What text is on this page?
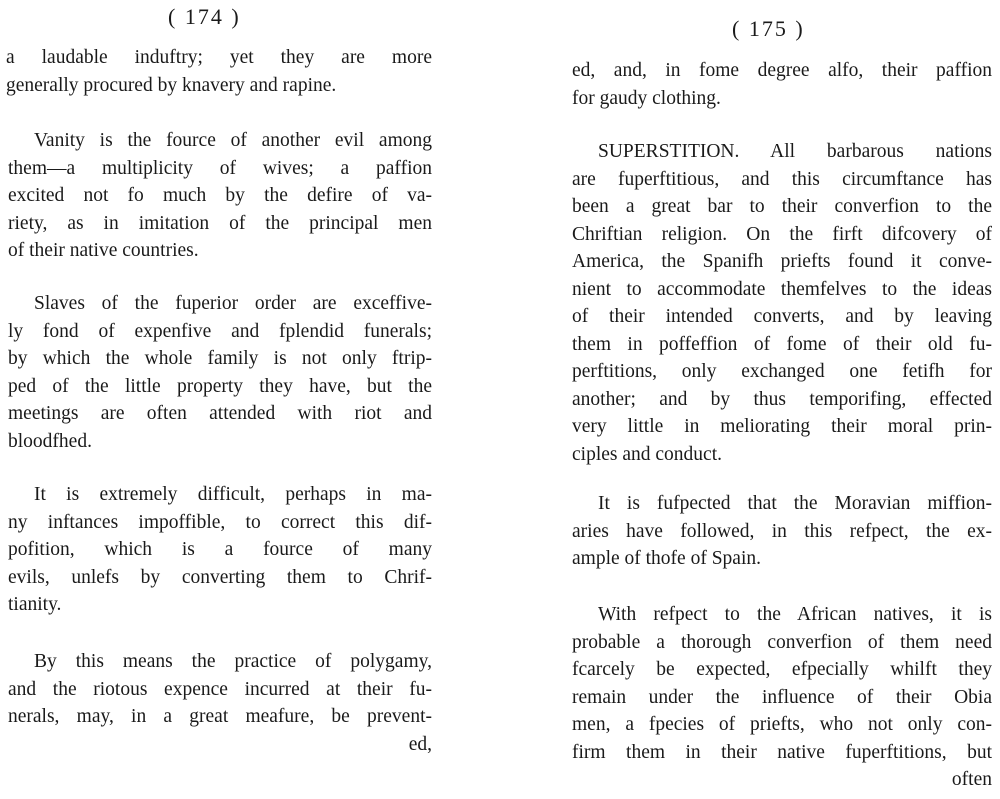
( 174 )
a laudable induftry; yet they are more
generally procured by knavery and rapine.
Vanity is the fource of another evil among
them—a multiplicity of wives; a paffion
excited not fo much by the defire of va-
riety, as in imitation of the principal men
of their native countries.
Slaves of the fuperior order are exceffive-
ly fond of expenfive and fplendid funerals;
by which the whole family is not only ftrip-
ped of the little property they have, but the
meetings are often attended with riot and
bloodfhed.
It is extremely difficult, perhaps in ma-
ny inftances impoffible, to correct this dif-
pofition, which is a fource of many
evils, unlefs by converting them to Chrif-
tianity.
By this means the practice of polygamy,
and the riotous expence incurred at their fu-
nerals, may, in a great meafure, be prevent-
ed,
( 175 )
ed, and, in fome degree alfo, their paffion
for gaudy clothing.
SUPERSTITION. All barbarous nations
are fuperftitious, and this circumftance has
been a great bar to their converfion to the
Chriftian religion. On the firft difcovery of
America, the Spanifh priefts found it conve-
nient to accommodate themfelves to the ideas
of their intended converts, and by leaving
them in poffeffion of fome of their old fu-
perftitions, only exchanged one fetifh for
another; and by thus temporifing, effected
very little in meliorating their moral prin-
ciples and conduct.
It is fufpected that the Moravian miffion-
aries have followed, in this refpect, the ex-
ample of thofe of Spain.
With refpect to the African natives, it is
probable a thorough converfion of them need
fcarcely be expected, efpecially whilft they
remain under the influence of their Obia
men, a fpecies of priefts, who not only con-
firm them in their native fuperftitions, but
often
